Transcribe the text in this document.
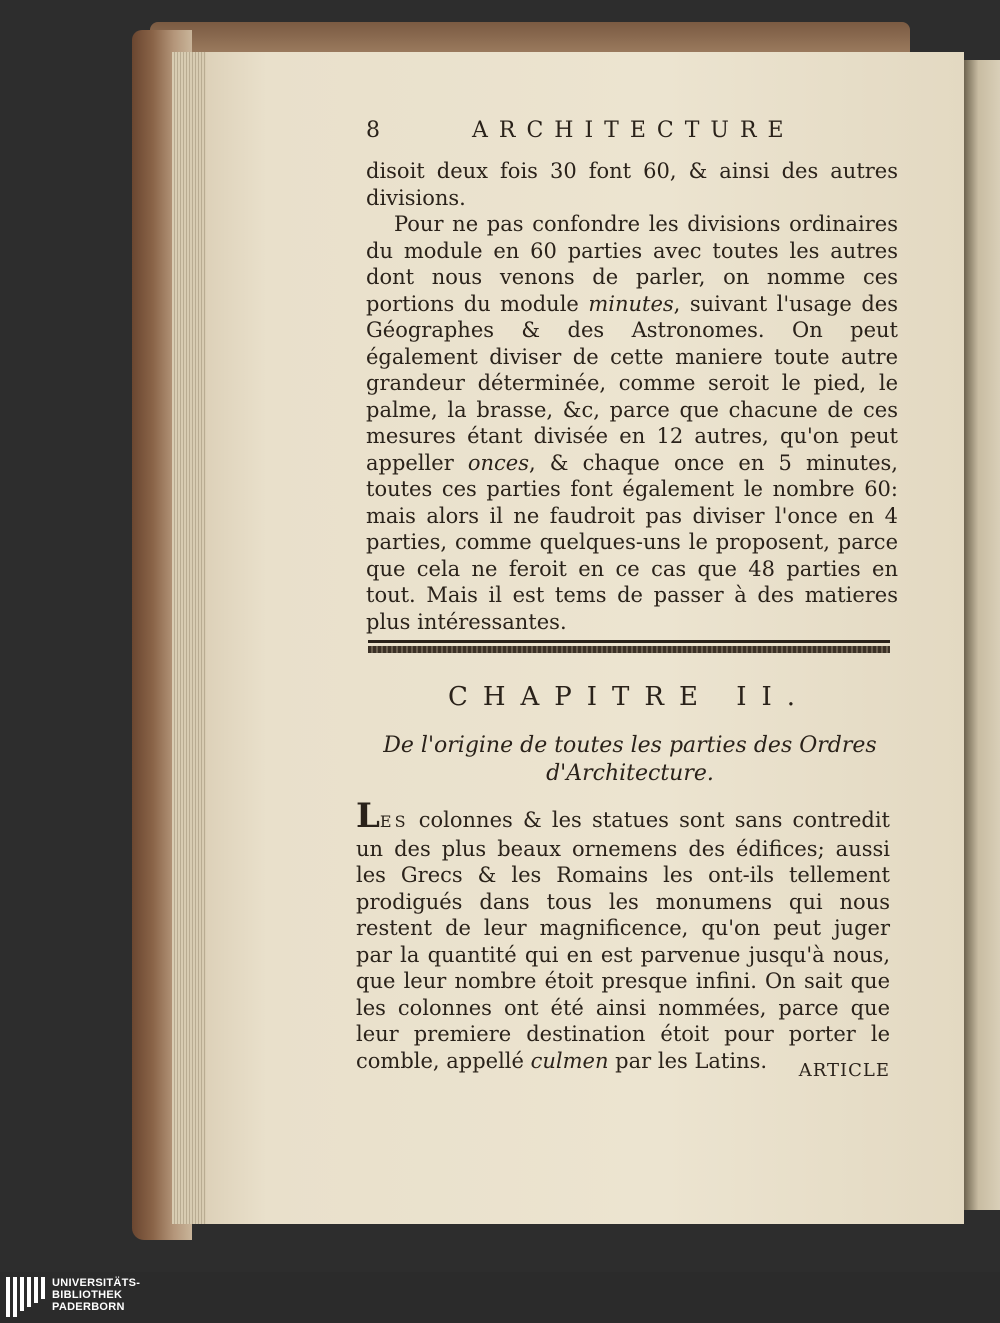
8	ARCHITECTURE

disoit deux fois 30 font 60, & ainsi des autres divisions.

Pour ne pas confondre les divisions ordinaires du module en 60 parties avec toutes les autres dont nous venons de parler, on nomme ces portions du module minutes, suivant l'usage des Géographes & des Astronomes. On peut également diviser de cette maniere toute autre grandeur déterminée, comme seroit le pied, le palme, la brasse, &c, parce que chacune de ces mesures étant divisée en 12 autres, qu'on peut appeller onces, & chaque once en 5 minutes, toutes ces parties font également le nombre 60: mais alors il ne faudroit pas diviser l'once en 4 parties, comme quelques-uns le proposent, parce que cela ne feroit en ce cas que 48 parties en tout. Mais il est tems de passer à des matieres plus intéressantes.

CHAPITRE II.
De l'origine de toutes les parties des Ordres
d'Architecture.
LES colonnes & les statues sont sans contredit un des plus beaux ornemens des édifices; aussi les Grecs & les Romains les ont-ils tellement prodigués dans tous les monumens qui nous restent de leur magnificence, qu'on peut juger par la quantité qui en est parvenue jusqu'à nous, que leur nombre étoit presque infini. On sait que les colonnes ont été ainsi nommées, parce que leur premiere destination étoit pour porter le comble, appellé culmen par les Latins.	ARTICLE
UNIVERSITÄTS-
BIBLIOTHEK
PADERBORN
